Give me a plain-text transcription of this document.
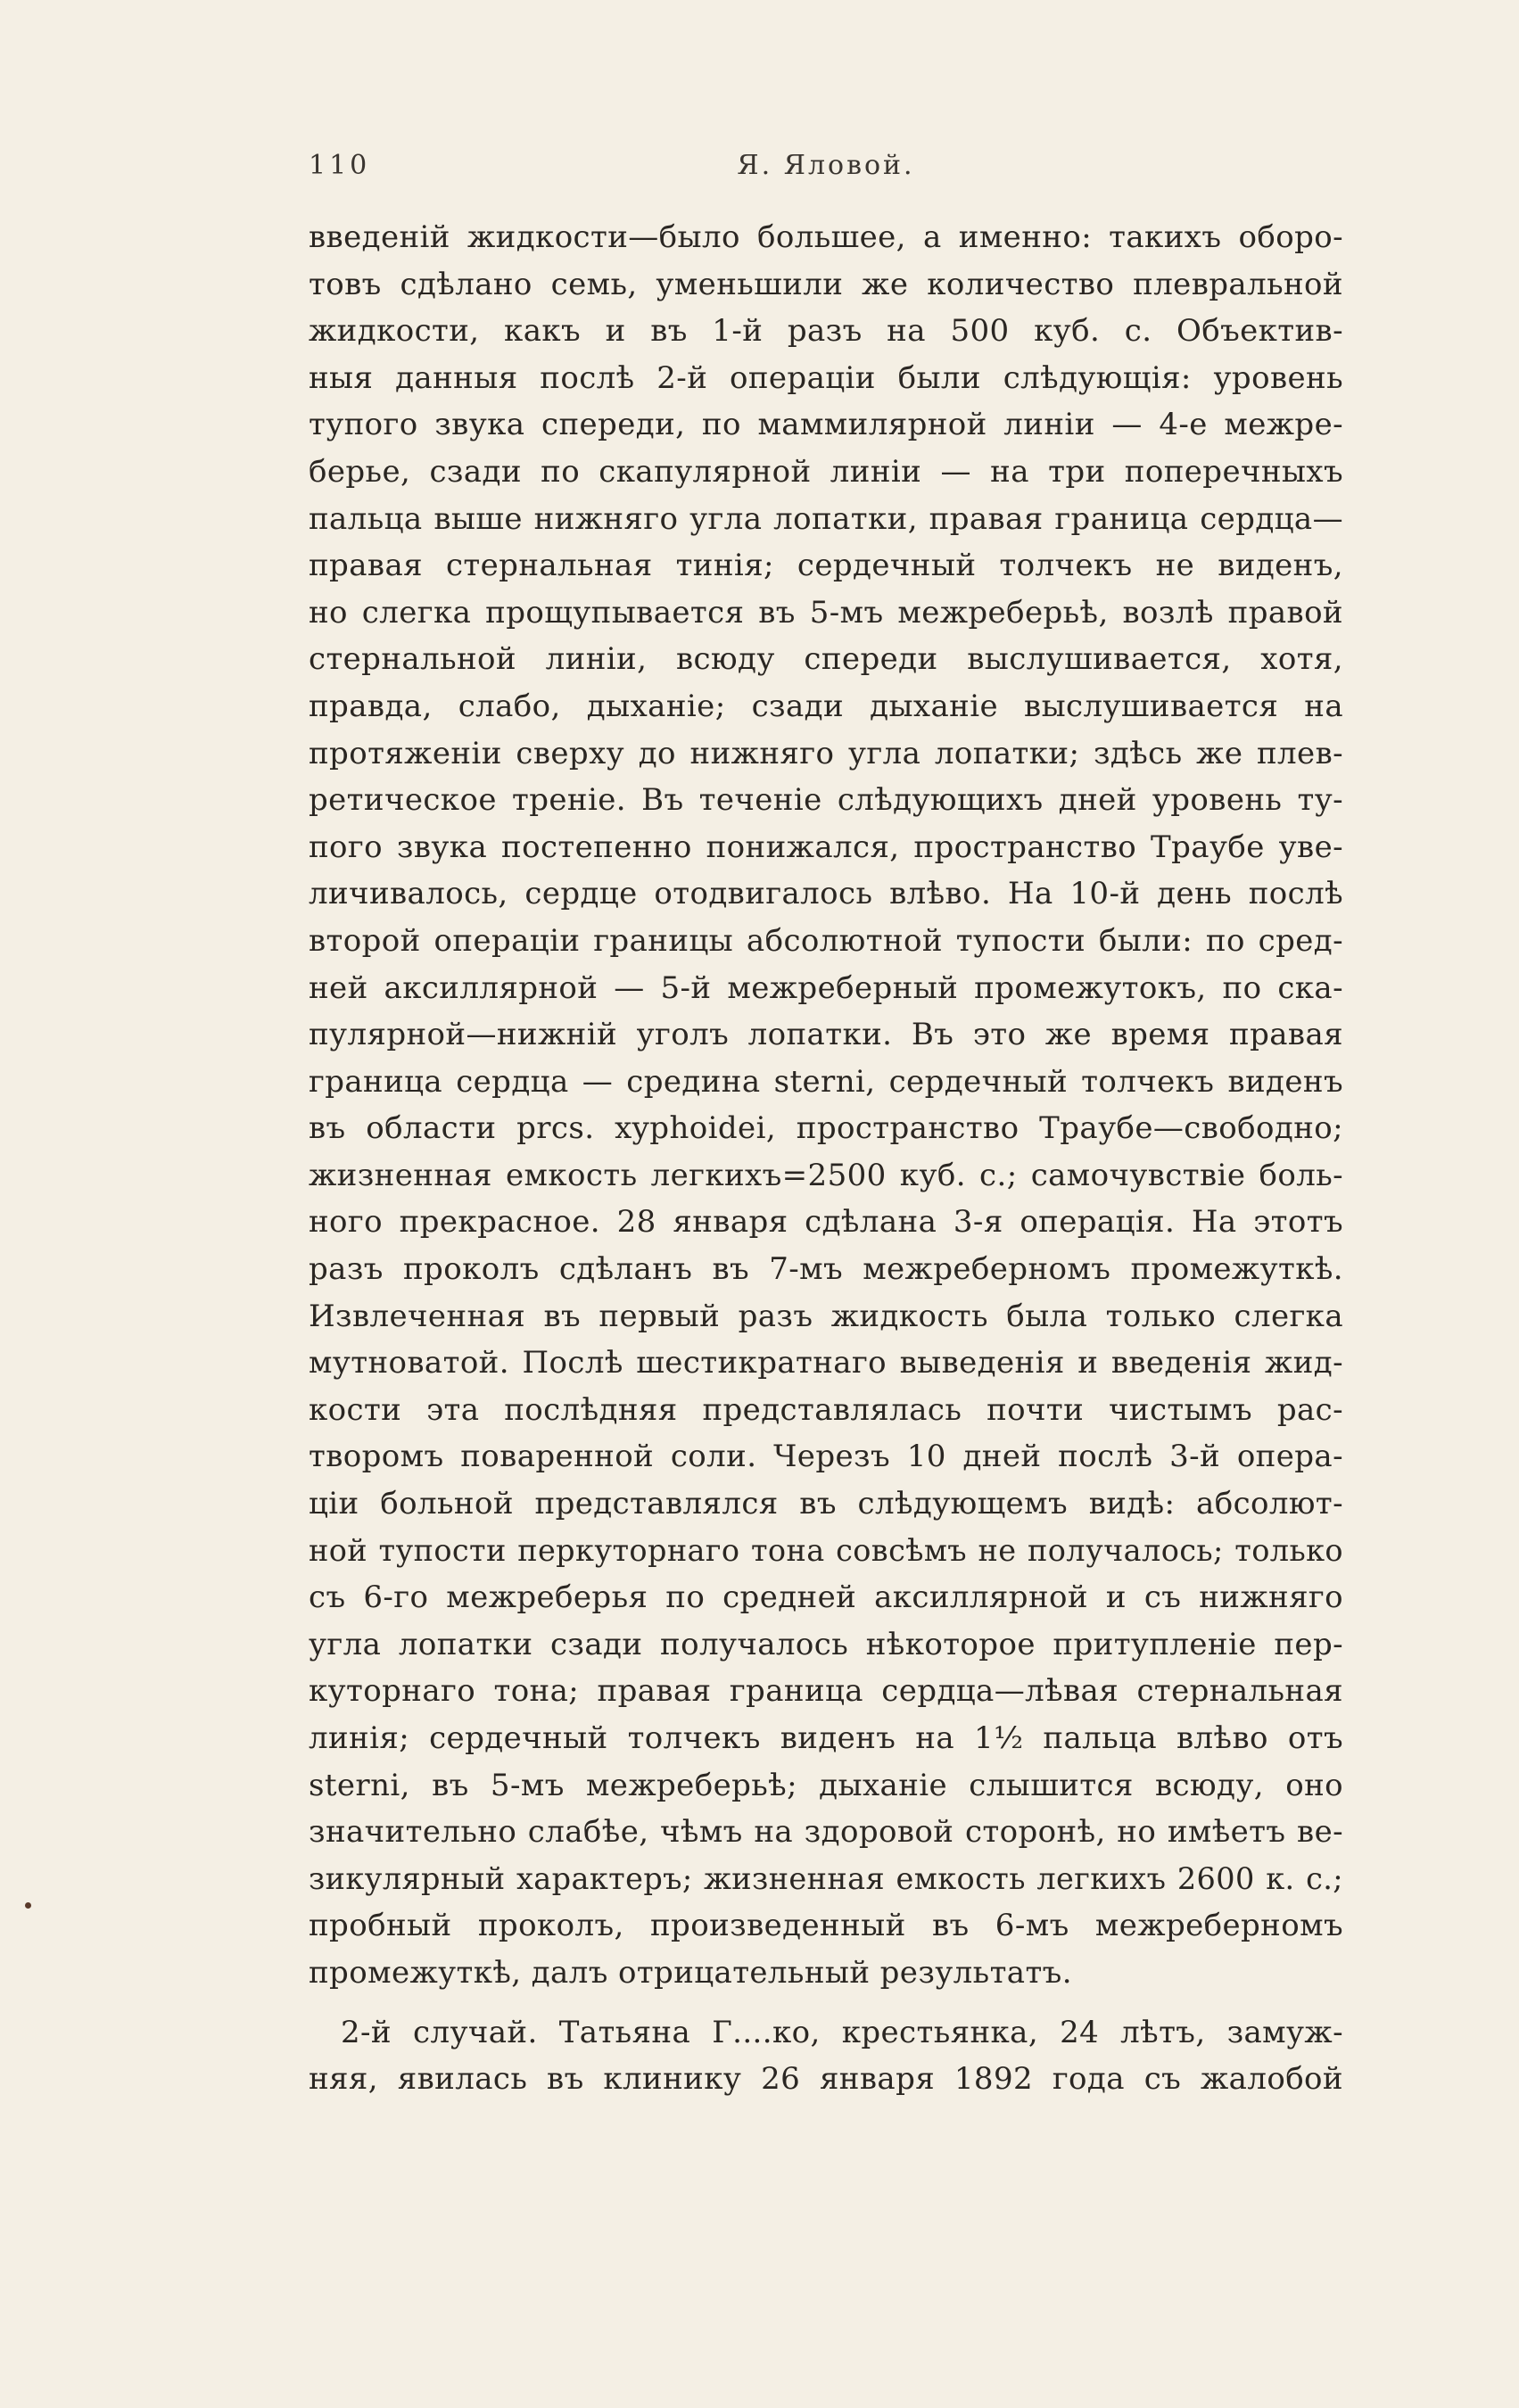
110	Я. Яловой.
введенiй жидкости—было большее, а именно: такихъ оборо-
товъ сдѣлано семь, уменьшили же количество плевральной
жидкости, какъ и въ 1-й разъ на 500 куб. с. Объектив-
ныя данныя послѣ 2-й операцiи были слѣдующiя: уровень
тупого звука спереди, по маммилярной линiи — 4-е межре-
берье, сзади по скапулярной линiи — на три поперечныхъ
пальца выше нижняго угла лопатки, правая граница сердца—
правая стернальная тинiя; сердечный толчекъ не виденъ,
но слегка прощупывается въ 5-мъ межреберьѣ, возлѣ правой
стернальной линiи, всюду спереди выслушивается, хотя,
правда, слабо, дыханiе; сзади дыханiе выслушивается на
протяженiи сверху до нижняго угла лопатки; здѣсь же плев-
ретическое тренiе. Въ теченiе слѣдующихъ дней уровень ту-
пого звука постепенно понижался, пространство Траубе уве-
личивалось, сердце отодвигалось влѣво. На 10-й день послѣ
второй операцiи границы абсолютной тупости были: по сред-
ней аксиллярной — 5-й межреберный промежутокъ, по ска-
пулярной—нижнiй уголъ лопатки. Въ это же время правая
граница сердца — средина sterni, сердечный толчекъ виденъ
въ области prcs. xyphoidei, пространство Траубе—свободно;
жизненная емкость легкихъ=2500 куб. с.; самочувствiе боль-
ного прекрасное. 28 января сдѣлана 3-я операцiя. На этотъ
разъ проколъ сдѣланъ въ 7-мъ межреберномъ промежуткѣ.
Извлеченная въ первый разъ жидкость была только слегка
мутноватой. Послѣ шестикратнаго выведенiя и введенiя жид-
кости эта послѣдняя представлялась почти чистымъ рас-
творомъ поваренной соли. Черезъ 10 дней послѣ 3-й опера-
цiи больной представлялся въ слѣдующемъ видѣ: абсолют-
ной тупости перкуторнаго тона совсѣмъ не получалось; только
съ 6-го межреберья по средней аксиллярной и съ нижняго
угла лопатки сзади получалось нѣкоторое притупленiе пер-
куторнаго тона; правая граница сердца—лѣвая стернальная
линiя; сердечный толчекъ виденъ на 1½ пальца влѣво отъ
sterni, въ 5-мъ межреберьѣ; дыханiе слышится всюду, оно
значительно слабѣе, чѣмъ на здоровой сторонѣ, но имѣетъ ве-
зикулярный характеръ; жизненная емкость легкихъ 2600 к. с.;
пробный проколъ, произведенный въ 6-мъ межреберномъ
промежуткѣ, далъ отрицательный результатъ.
2-й случай. Татьяна Г....ко, крестьянка, 24 лѣтъ, замуж-
няя, явилась въ клинику 26 января 1892 года съ жалобой
